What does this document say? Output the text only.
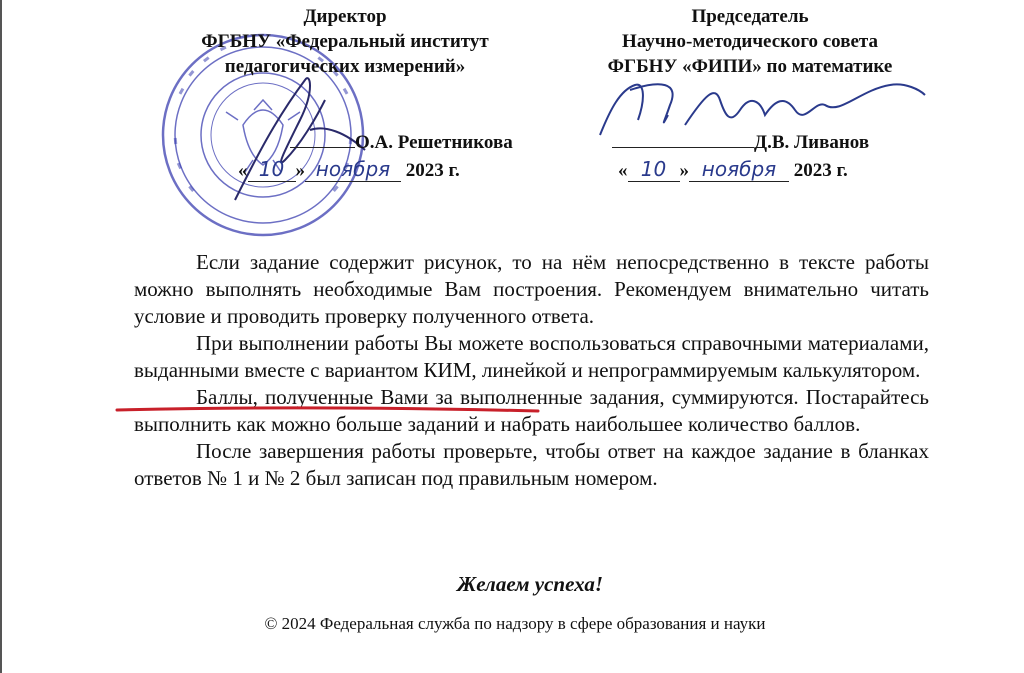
Директор
ФГБНУ «Федеральный институт
педагогических измерений»
О.А. Решетникова
« 10 » ноября 2023 г.
Председатель
Научно-методического совета
ФГБНУ «ФИПИ» по математике
Д.В. Ливанов
« 10 » ноября 2023 г.

Если задание содержит рисунок, то на нём непосредственно в тексте работы можно выполнять необходимые Вам построения. Рекомендуем внимательно читать условие и проводить проверку полученного ответа.

При выполнении работы Вы можете воспользоваться справочными материалами, выданными вместе с вариантом КИМ, линейкой и непрограммируемым калькулятором.

Баллы, полученные Вами за выполненные задания, суммируются. Постарайтесь выполнить как можно больше заданий и набрать наибольшее количество баллов.

После завершения работы проверьте, чтобы ответ на каждое задание в бланках ответов № 1 и № 2 был записан под правильным номером.

Желаем успеха!
© 2024 Федеральная служба по надзору в сфере образования и науки
